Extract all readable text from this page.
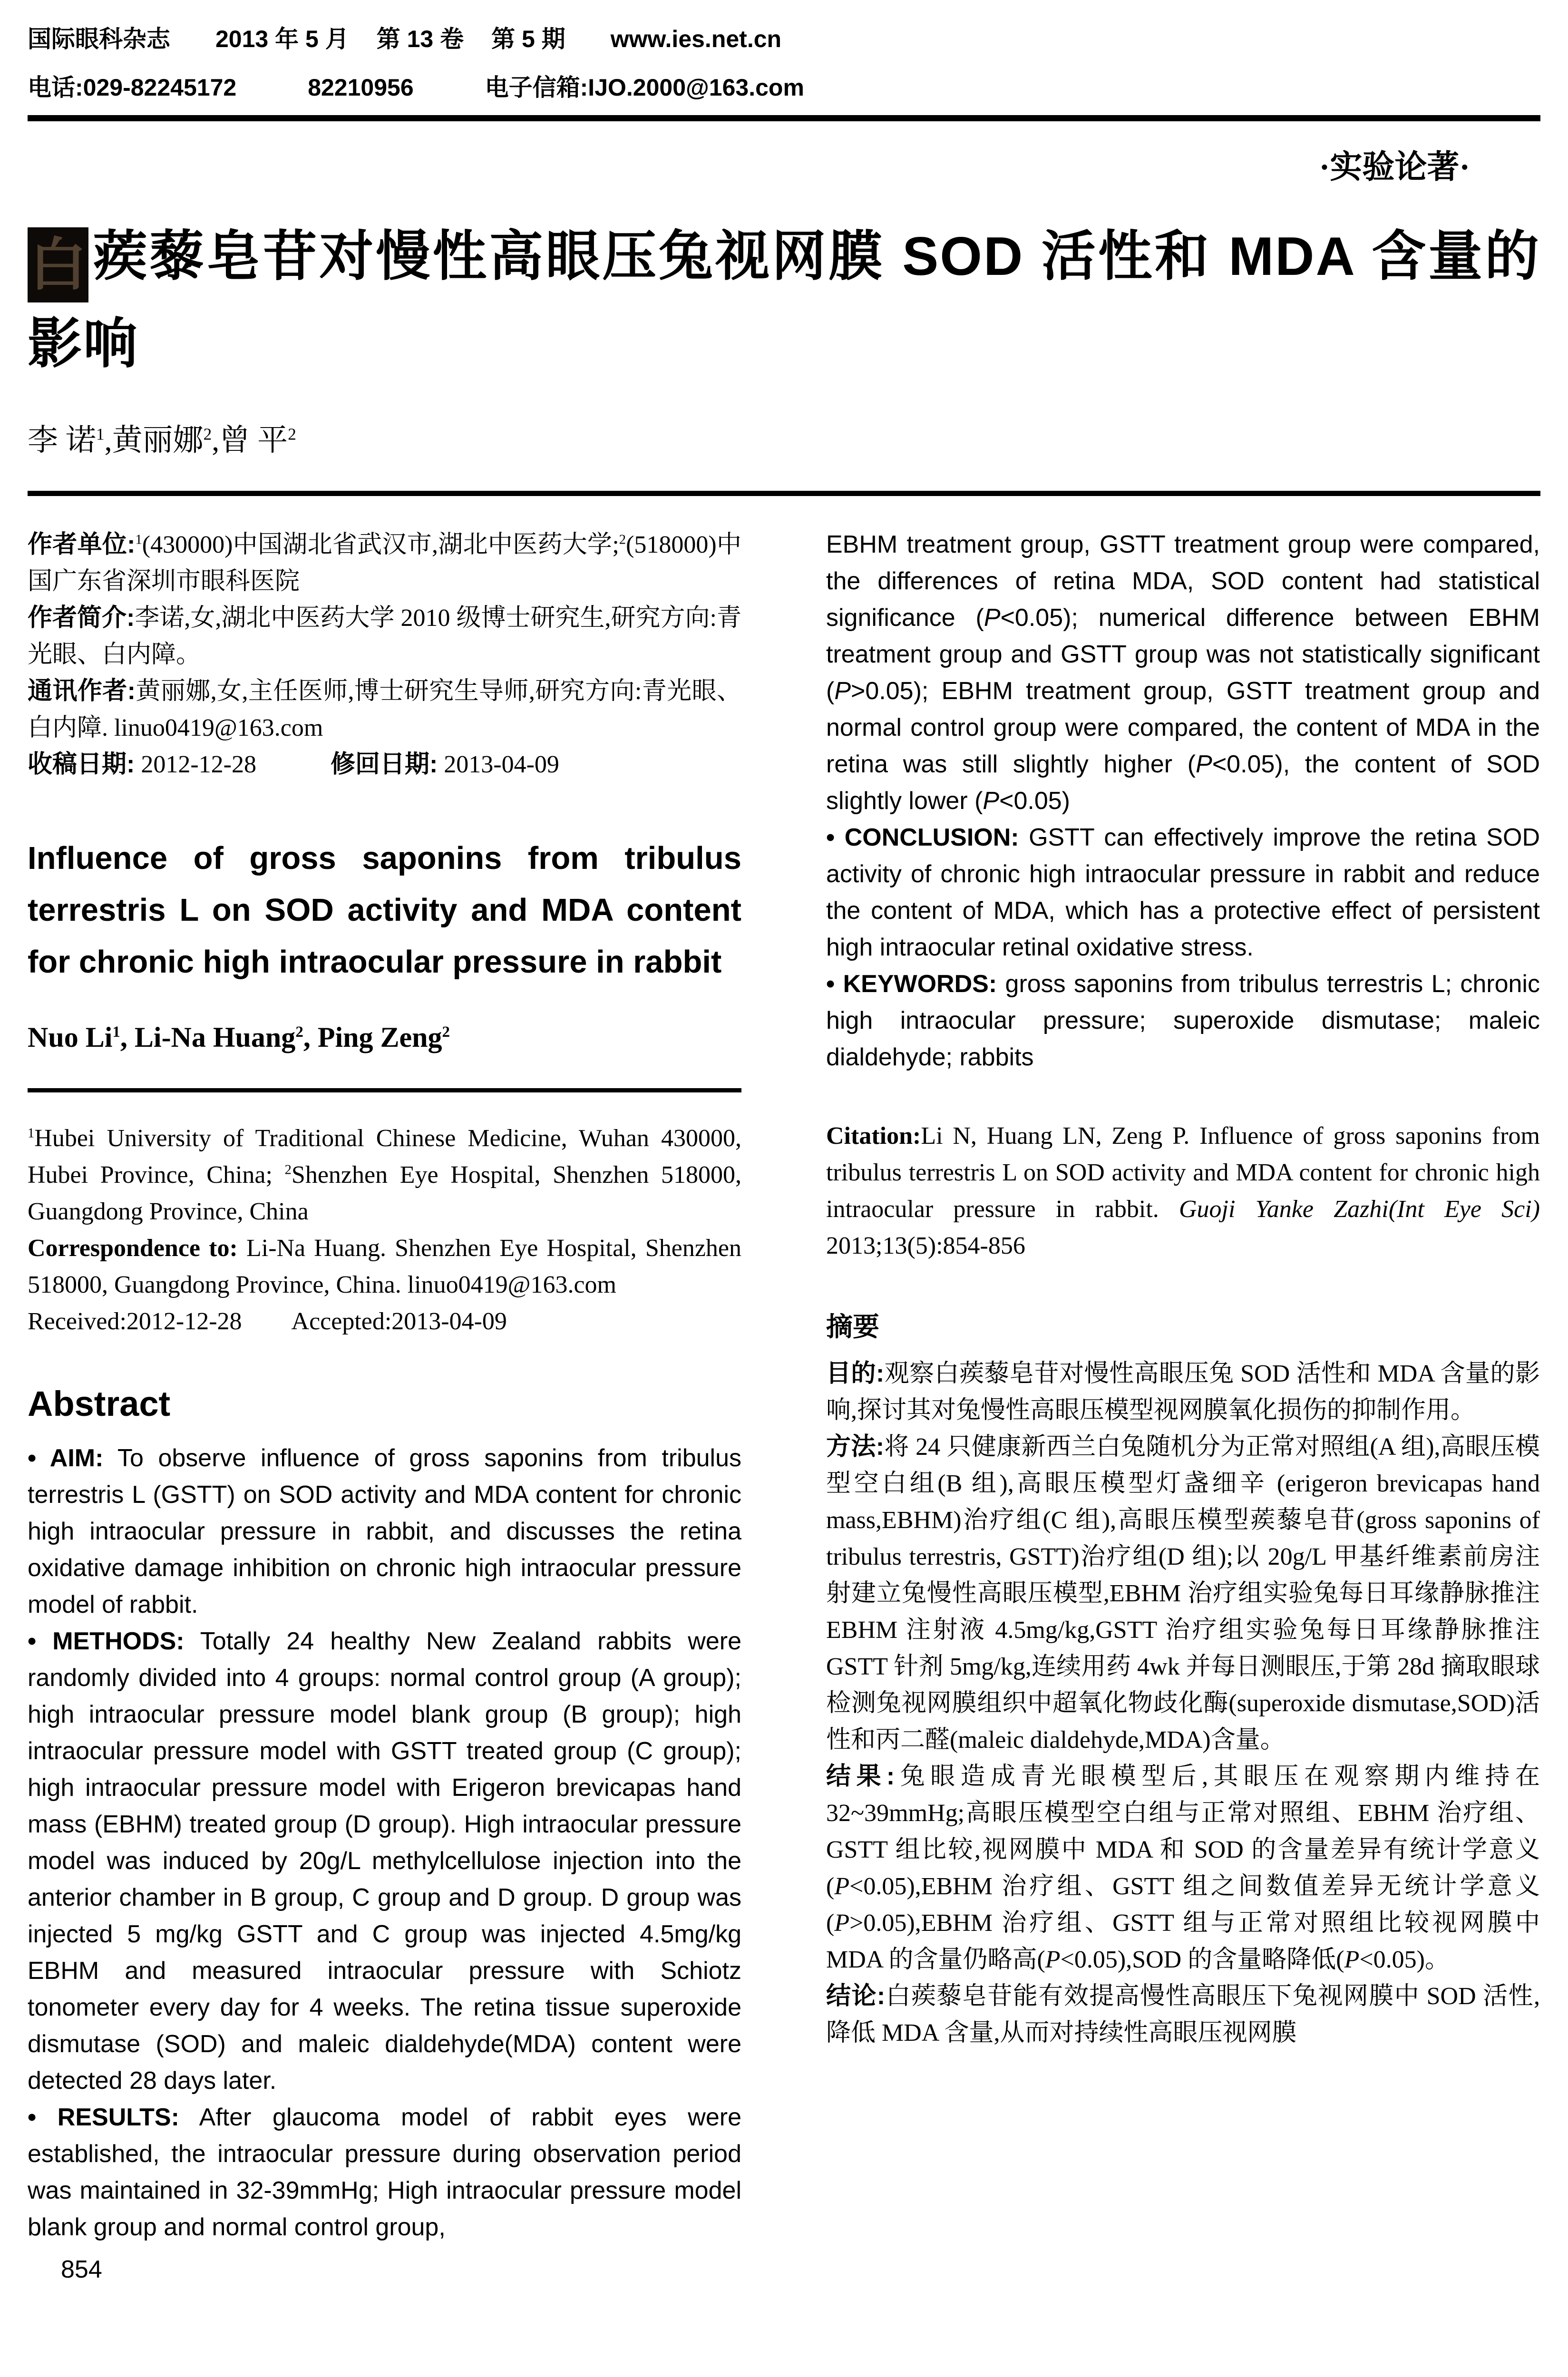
国际眼科杂志 2013 年 5 月 第 13 卷 第 5 期 www.ies.net.cn
电话:029-82245172	82210956	电子信箱:IJO.2000@163.com
·实验论著·
白 蒺藜皂苷对慢性高眼压兔视网膜 SOD 活性和 MDA 含量的影响
李 诺$^1$,黄丽娜$^2$,曾 平$^2$
作者单位:$^1$(430000)中国湖北省武汉市,湖北中医药大学;$^2$(518000)中国广东省深圳市眼科医院
作者简介:李诺,女,湖北中医药大学 2010 级博士研究生,研究方向:青光眼、白内障。
通讯作者:黄丽娜,女,主任医师,博士研究生导师,研究方向:青光眼、白内障. linuo0419@163.com
收稿日期: 2012-12-28　　　修回日期: 2013-04-09
Influence of gross saponins from tribulus terrestris L on SOD activity and MDA content for chronic high intraocular pressure in rabbit
Nuo Li$^1$, Li-Na Huang$^2$, Ping Zeng$^2$
$^1$Hubei University of Traditional Chinese Medicine, Wuhan 430000, Hubei Province, China; $^2$Shenzhen Eye Hospital, Shenzhen 518000, Guangdong Province, China
Correspondence to: Li-Na Huang. Shenzhen Eye Hospital, Shenzhen 518000, Guangdong Province, China. linuo0419@163.com
Received:2012-12-28　　Accepted:2013-04-09
Abstract
• AIM: To observe influence of gross saponins from tribulus terrestris L (GSTT) on SOD activity and MDA content for chronic high intraocular pressure in rabbit, and discusses the retina oxidative damage inhibition on chronic high intraocular pressure model of rabbit.
• METHODS: Totally 24 healthy New Zealand rabbits were randomly divided into 4 groups: normal control group (A group); high intraocular pressure model blank group (B group); high intraocular pressure model with GSTT treated group (C group); high intraocular pressure model with Erigeron brevicapas hand mass (EBHM) treated group (D group). High intraocular pressure model was induced by 20g/L methylcellulose injection into the anterior chamber in B group, C group and D group. D group was injected 5 mg/kg GSTT and C group was injected 4.5mg/kg EBHM and measured intraocular pressure with Schiotz tonometer every day for 4 weeks. The retina tissue superoxide dismutase (SOD) and maleic dialdehyde(MDA) content were detected 28 days later.
• RESULTS: After glaucoma model of rabbit eyes were established, the intraocular pressure during observation period was maintained in 32-39mmHg; High intraocular pressure model blank group and normal control group,
EBHM treatment group, GSTT treatment group were compared, the differences of retina MDA, SOD content had statistical significance (P<0.05); numerical difference between EBHM treatment group and GSTT group was not statistically significant (P>0.05); EBHM treatment group, GSTT treatment group and normal control group were compared, the content of MDA in the retina was still slightly higher (P<0.05), the content of SOD slightly lower (P<0.05)
• CONCLUSION: GSTT can effectively improve the retina SOD activity of chronic high intraocular pressure in rabbit and reduce the content of MDA, which has a protective effect of persistent high intraocular retinal oxidative stress.
• KEYWORDS: gross saponins from tribulus terrestris L; chronic high intraocular pressure; superoxide dismutase; maleic dialdehyde; rabbits
Citation:Li N, Huang LN, Zeng P. Influence of gross saponins from tribulus terrestris L on SOD activity and MDA content for chronic high intraocular pressure in rabbit. Guoji Yanke Zazhi(Int Eye Sci) 2013;13(5):854-856
摘要
目的:观察白蒺藜皂苷对慢性高眼压兔 SOD 活性和 MDA 含量的影响,探讨其对兔慢性高眼压模型视网膜氧化损伤的抑制作用。
方法:将 24 只健康新西兰白兔随机分为正常对照组(A 组),高眼压模型空白组(B 组),高眼压模型灯盏细辛 (erigeron brevicapas hand mass,EBHM)治疗组(C 组),高眼压模型蒺藜皂苷(gross saponins of tribulus terrestris, GSTT)治疗组(D 组);以 20g/L 甲基纤维素前房注射建立兔慢性高眼压模型,EBHM 治疗组实验兔每日耳缘静脉推注 EBHM 注射液 4.5mg/kg,GSTT 治疗组实验兔每日耳缘静脉推注 GSTT 针剂 5mg/kg,连续用药 4wk 并每日测眼压,于第 28d 摘取眼球检测兔视网膜组织中超氧化物歧化酶(superoxide dismutase,SOD)活性和丙二醛(maleic dialdehyde,MDA)含量。
结果:兔眼造成青光眼模型后,其眼压在观察期内维持在 32~39mmHg;高眼压模型空白组与正常对照组、EBHM 治疗组、GSTT 组比较,视网膜中 MDA 和 SOD 的含量差异有统计学意义(P<0.05),EBHM 治疗组、GSTT 组之间数值差异无统计学意义(P>0.05),EBHM 治疗组、GSTT 组与正常对照组比较视网膜中 MDA 的含量仍略高(P<0.05),SOD 的含量略降低(P<0.05)。
结论:白蒺藜皂苷能有效提高慢性高眼压下兔视网膜中 SOD 活性,降低 MDA 含量,从而对持续性高眼压视网膜
854
